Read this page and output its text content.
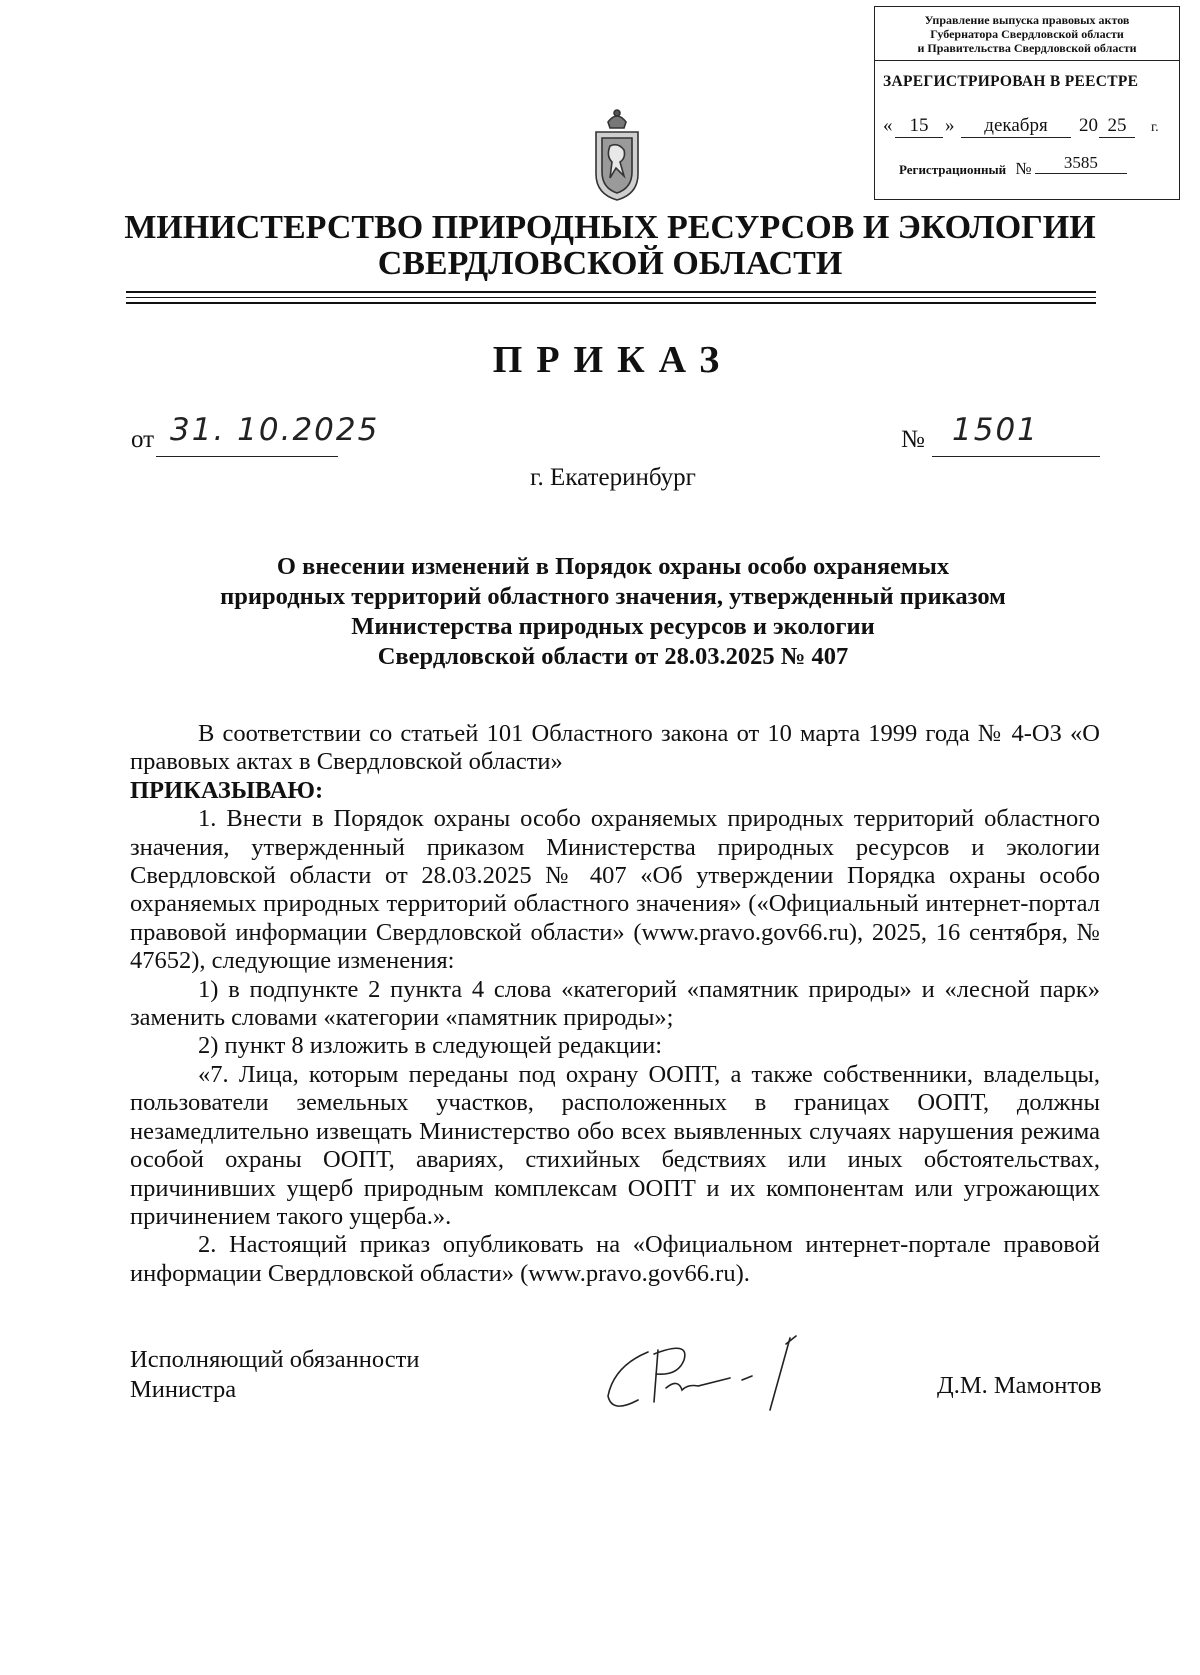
Управление выпуска правовых актов
Губернатора Свердловской области
и Правительства Свердловской области
ЗАРЕГИСТРИРОВАН В РЕЕСТРЕ
« 15 »	декабря	20 25	г.
Регистрационный № 3585
МИНИСТЕРСТВО ПРИРОДНЫХ РЕСУРСОВ И ЭКОЛОГИИ
СВЕРДЛОВСКОЙ ОБЛАСТИ
ПРИКАЗ
от 31. 10.2025	№ 1501
г. Екатеринбург
О внесении изменений в Порядок охраны особо охраняемых
природных территорий областного значения, утвержденный приказом
Министерства природных ресурсов и экологии
Свердловской области от 28.03.2025 № 407

В соответствии со статьей 101 Областного закона от 10 марта 1999 года № 4-ОЗ «О правовых актах в Свердловской области»

ПРИКАЗЫВАЮ:

1. Внести в Порядок охраны особо охраняемых природных территорий областного значения, утвержденный приказом Министерства природных ресурсов и экологии Свердловской области от 28.03.2025 № 407 «Об утверждении Порядка охраны особо охраняемых природных территорий областного значения» («Официальный интернет-портал правовой информации Свердловской области» (www.pravo.gov66.ru), 2025, 16 сентября, № 47652), следующие изменения:

1) в подпункте 2 пункта 4 слова «категорий «памятник природы» и «лесной парк» заменить словами «категории «памятник природы»;

2) пункт 8 изложить в следующей редакции:

«7. Лица, которым переданы под охрану ООПТ, а также собственники, владельцы, пользователи земельных участков, расположенных в границах ООПТ, должны незамедлительно извещать Министерство обо всех выявленных случаях нарушения режима особой охраны ООПТ, авариях, стихийных бедствиях или иных обстоятельствах, причинивших ущерб природным комплексам ООПТ и их компонентам или угрожающих причинением такого ущерба.».

2. Настоящий приказ опубликовать на «Официальном интернет-портале правовой информации Свердловской области» (www.pravo.gov66.ru).

Исполняющий обязанности
Министра	Д.М. Мамонтов
